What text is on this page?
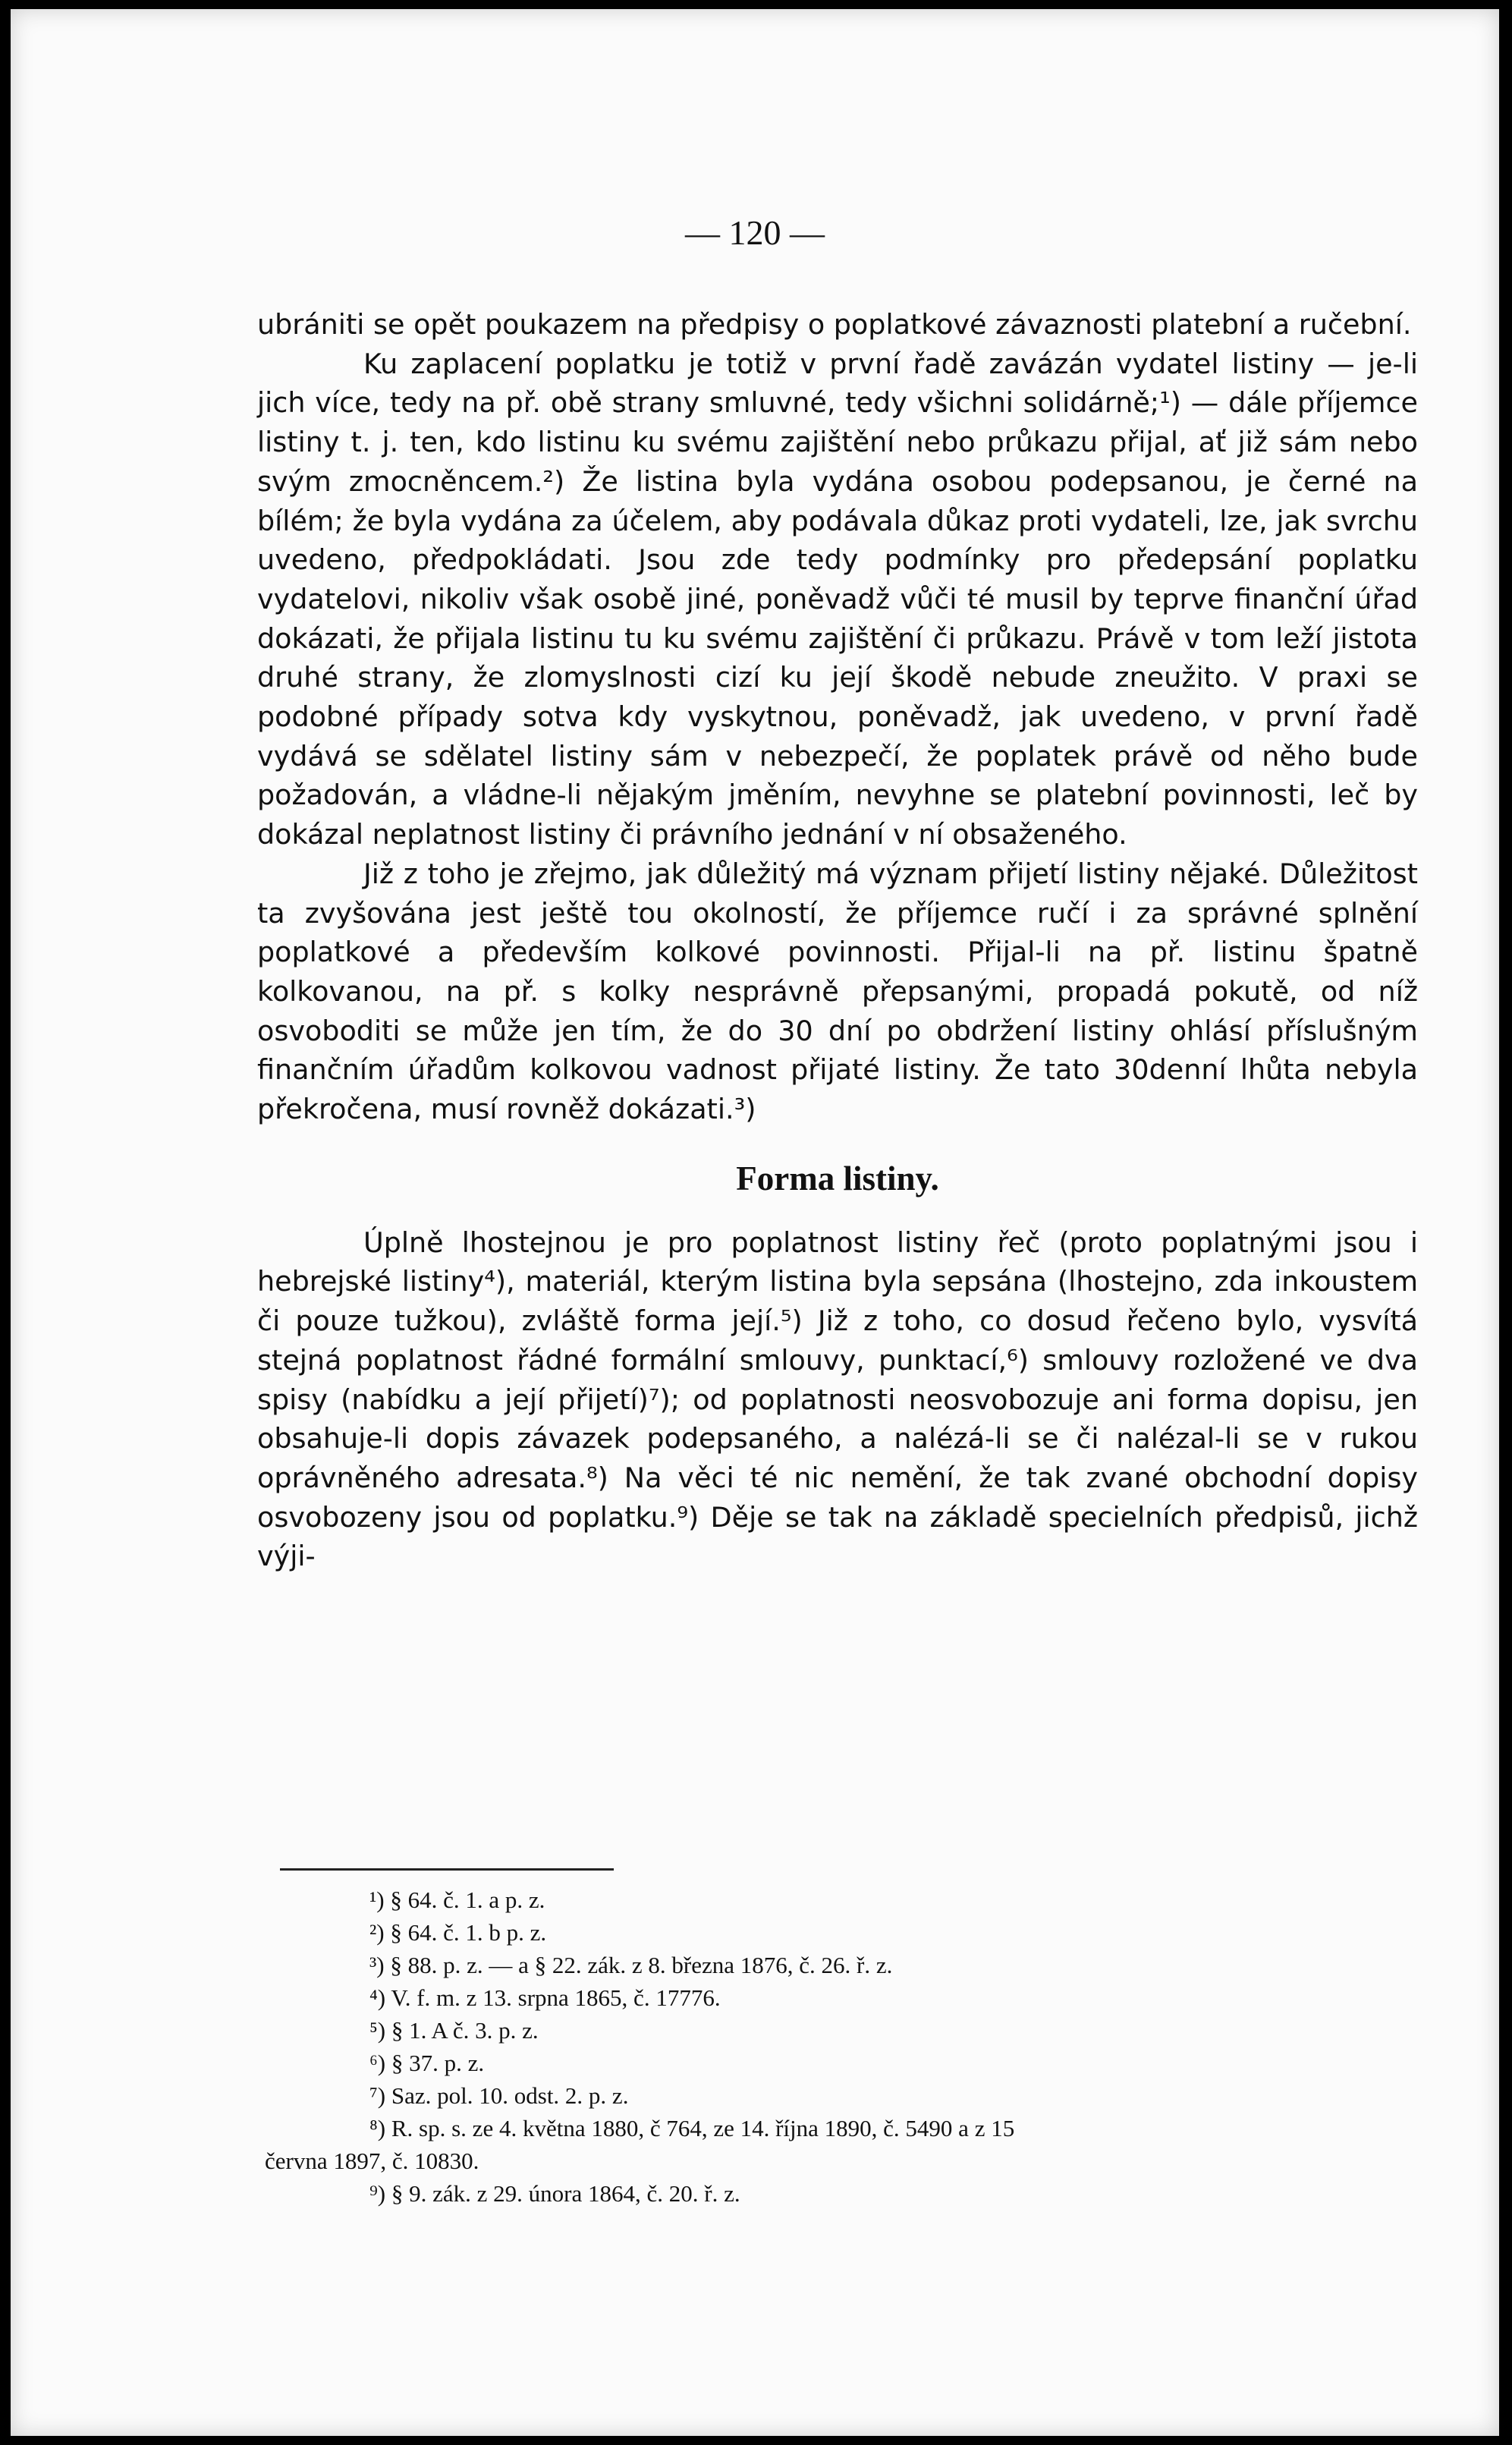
— 120 —

ubrániti se opět poukazem na předpisy o poplatkové závaznosti platební a ručební.

Ku zaplacení poplatku je totiž v první řadě zavázán vydatel listiny — je-li jich více, tedy na př. obě strany smluvné, tedy všichni solidárně;¹) — dále příjemce listiny t. j. ten, kdo listinu ku svému zajištění nebo průkazu přijal, ať již sám nebo svým zmocněncem.²) Že listina byla vydána osobou podepsanou, je černé na bílém; že byla vydána za účelem, aby podávala důkaz proti vydateli, lze, jak svrchu uvedeno, předpokládati. Jsou zde tedy podmínky pro předepsání poplatku vydatelovi, nikoliv však osobě jiné, poněvadž vůči té musil by teprve finanční úřad dokázati, že přijala listinu tu ku svému zajištění či průkazu. Právě v tom leží jistota druhé strany, že zlomyslnosti cizí ku její škodě nebude zneužito. V praxi se podobné případy sotva kdy vyskytnou, poněvadž, jak uvedeno, v první řadě vydává se sdělatel listiny sám v nebezpečí, že poplatek právě od něho bude požadován, a vládne-li nějakým jměním, nevyhne se platební povinnosti, leč by dokázal neplatnost listiny či právního jednání v ní obsaženého.

Již z toho je zřejmo, jak důležitý má význam přijetí listiny nějaké. Důležitost ta zvyšována jest ještě tou okolností, že příjemce ručí i za správné splnění poplatkové a především kolkové povinnosti. Přijal-li na př. listinu špatně kolkovanou, na př. s kolky nesprávně přepsanými, propadá pokutě, od níž osvoboditi se může jen tím, že do 30 dní po obdržení listiny ohlásí příslušným finančním úřadům kolkovou vadnost přijaté listiny. Že tato 30denní lhůta nebyla překročena, musí rovněž dokázati.³)

Forma listiny.

Úplně lhostejnou je pro poplatnost listiny řeč (proto poplatnými jsou i hebrejské listiny⁴), materiál, kterým listina byla sepsána (lhostejno, zda inkoustem či pouze tužkou), zvláště forma její.⁵) Již z toho, co dosud řečeno bylo, vysvítá stejná poplatnost řádné formální smlouvy, punktací,⁶) smlouvy rozložené ve dva spisy (nabídku a její přijetí)⁷); od poplatnosti neosvobozuje ani forma dopisu, jen obsahuje-li dopis závazek podepsaného, a nalézá-li se či nalézal-li se v rukou oprávněného adresata.⁸) Na věci té nic nemění, že tak zvané obchodní dopisy osvobozeny jsou od poplatku.⁹) Děje se tak na základě specielních předpisů, jichž výji-

¹) § 64. č. 1. a p. z.
²) § 64. č. 1. b p. z.
³) § 88. p. z. — a § 22. zák. z 8. března 1876, č. 26. ř. z.
⁴) V. f. m. z 13. srpna 1865, č. 17776.
⁵) § 1. A č. 3. p. z.
⁶) § 37. p. z.
⁷) Saz. pol. 10. odst. 2. p. z.
⁸) R. sp. s. ze 4. května 1880, č 764, ze 14. října 1890, č. 5490 a z 15
června 1897, č. 10830.
⁹) § 9. zák. z 29. února 1864, č. 20. ř. z.
